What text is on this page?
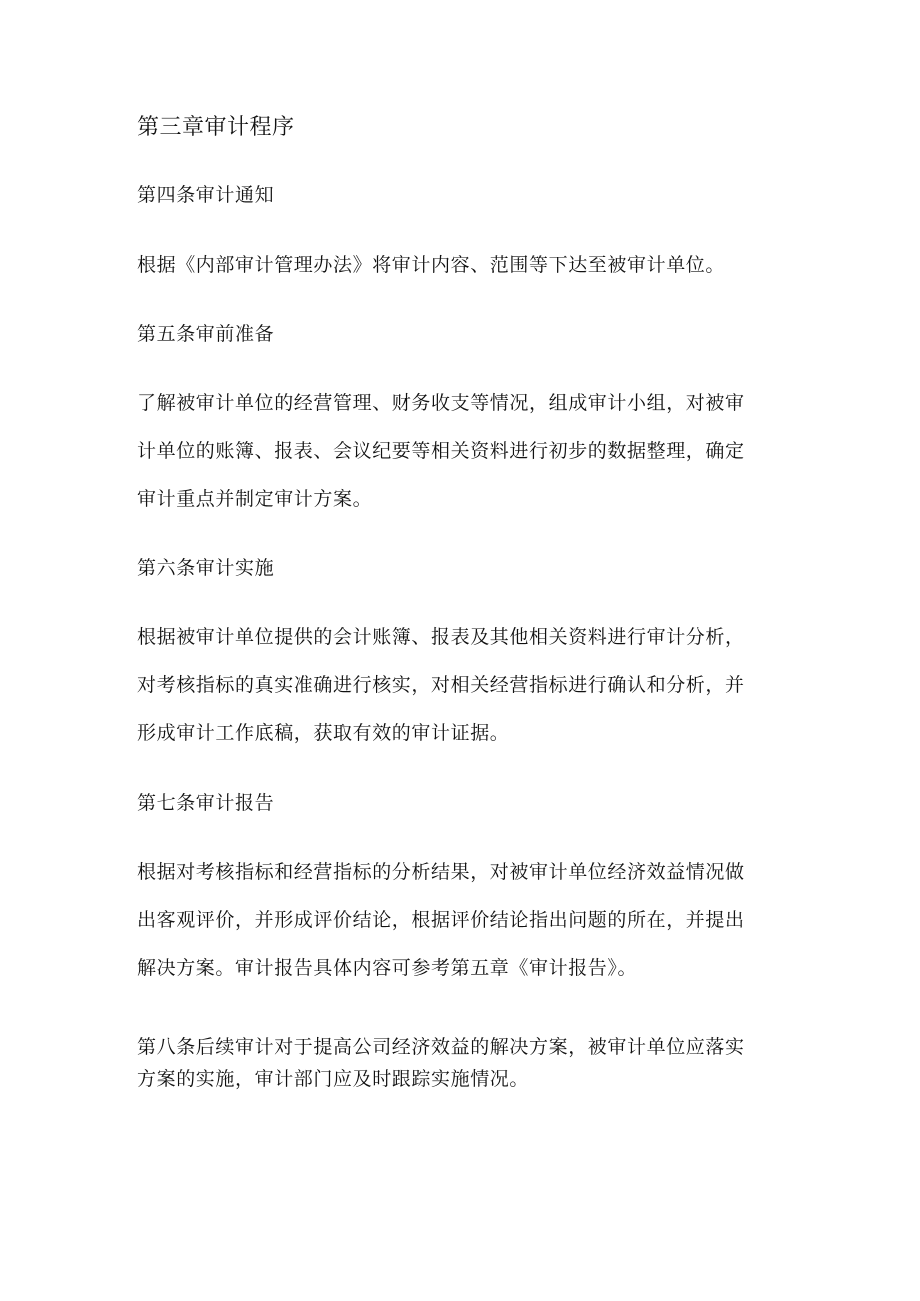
第三章审计程序
第四条审计通知
根据《内部审计管理办法》将审计内容、范围等下达至被审计单位。
第五条审前准备
了解被审计单位的经营管理、财务收支等情况，组成审计小组，对被审
计单位的账簿、报表、会议纪要等相关资料进行初步的数据整理，确定
审计重点并制定审计方案。
第六条审计实施
根据被审计单位提供的会计账簿、报表及其他相关资料进行审计分析，
对考核指标的真实准确进行核实，对相关经营指标进行确认和分析，并
形成审计工作底稿，获取有效的审计证据。
第七条审计报告
根据对考核指标和经营指标的分析结果，对被审计单位经济效益情况做
出客观评价，并形成评价结论，根据评价结论指出问题的所在，并提出
解决方案。审计报告具体内容可参考第五章《审计报告》。
第八条后续审计对于提高公司经济效益的解决方案，被审计单位应落实
方案的实施，审计部门应及时跟踪实施情况。
